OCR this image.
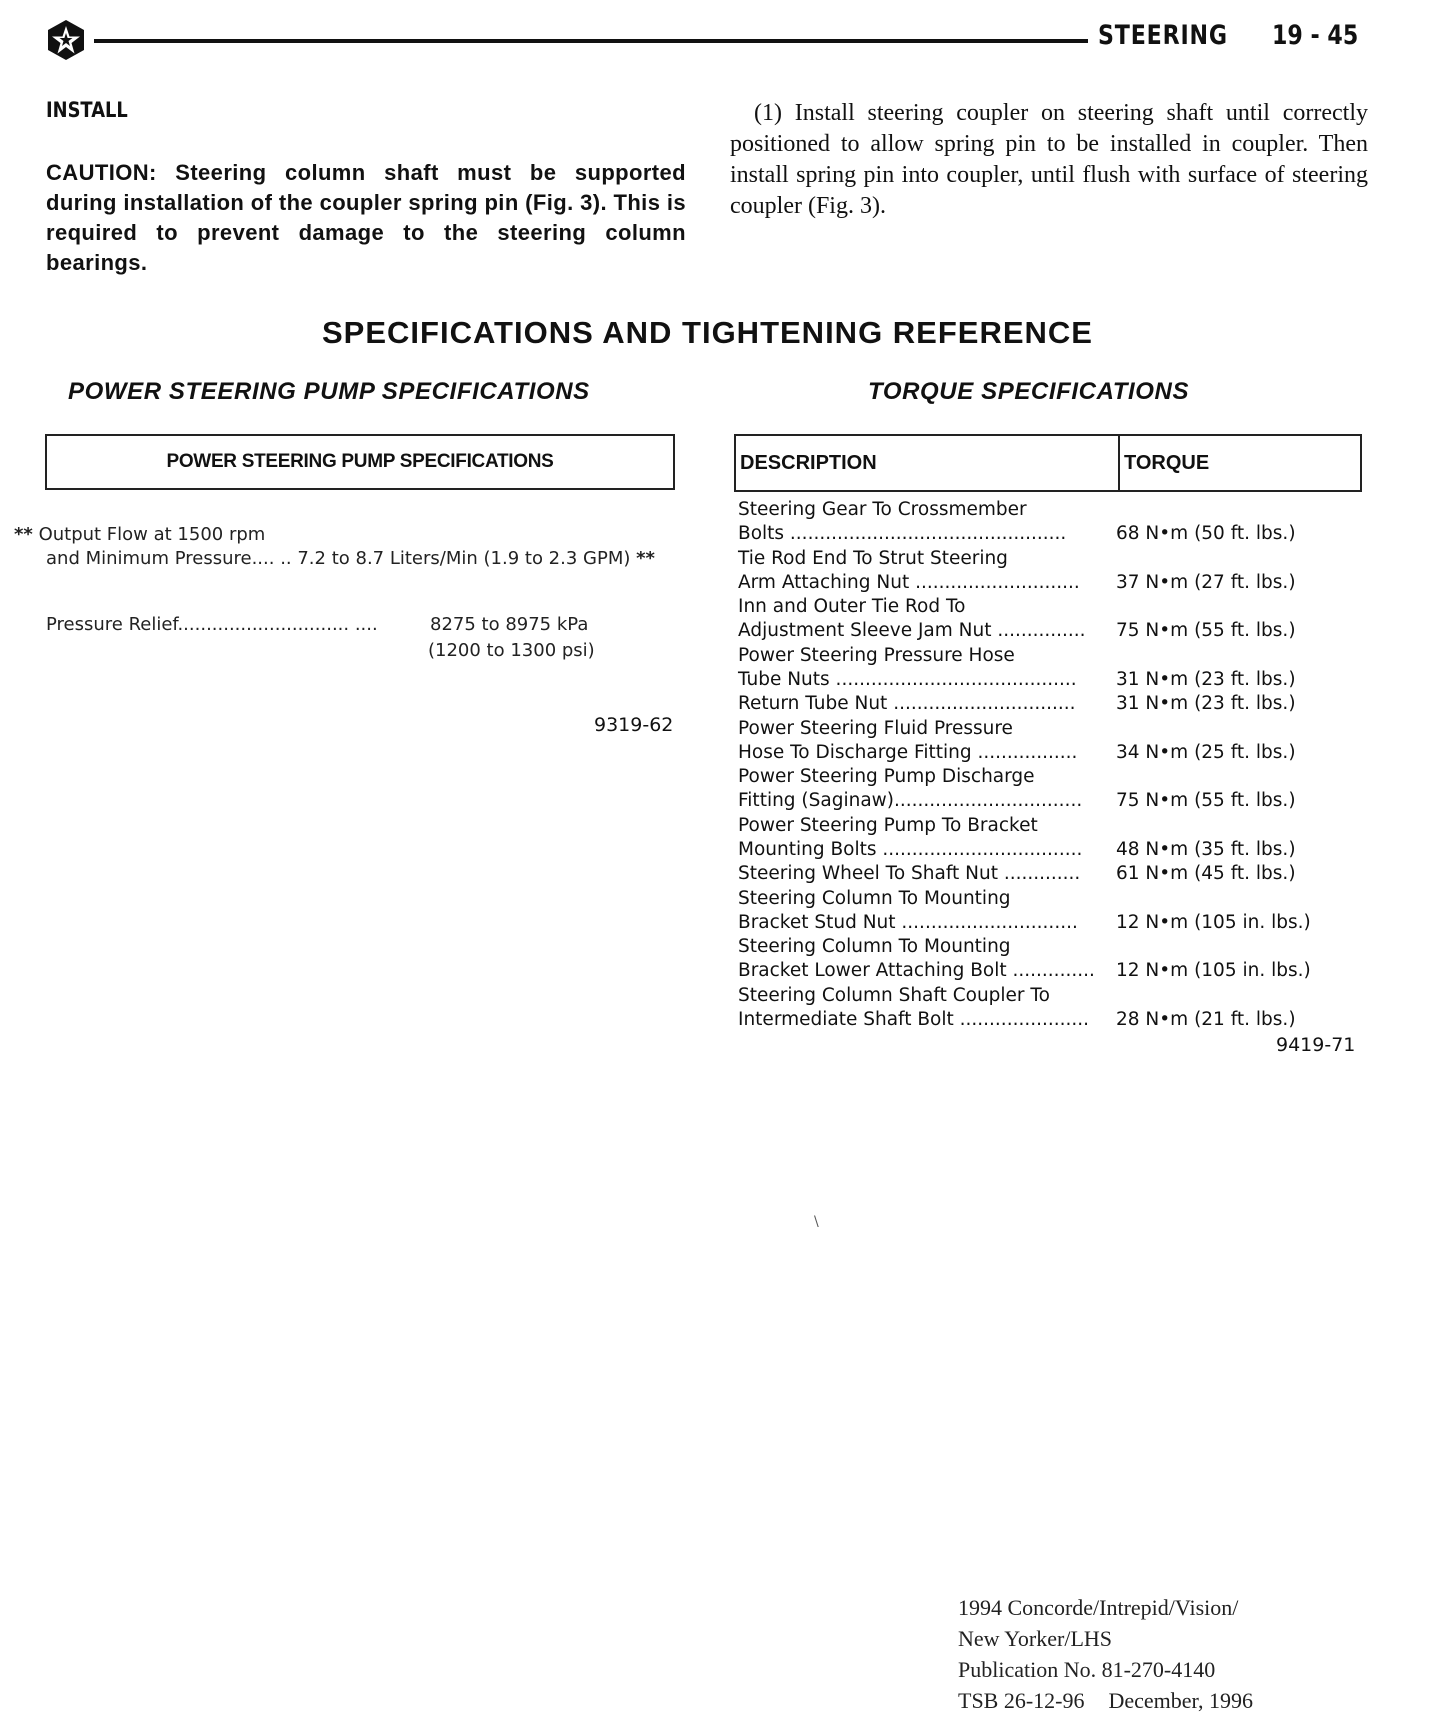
STEERING 19 - 45
INSTALL
CAUTION: Steering column shaft must be supported during installation of the coupler spring pin (Fig. 3). This is required to prevent damage to the steering column bearings.
(1) Install steering coupler on steering shaft until correctly positioned to allow spring pin to be installed in coupler. Then install spring pin into coupler, until flush with surface of steering coupler (Fig. 3).
SPECIFICATIONS AND TIGHTENING REFERENCE
POWER STEERING PUMP SPECIFICATIONS	TORQUE SPECIFICATIONS
POWER STEERING PUMP SPECIFICATIONS
** Output Flow at 1500 rpm
and Minimum Pressure.... .. 7.2 to 8.7 Liters/Min (1.9 to 2.3 GPM) **
Pressure Relief.............................. ....	8275 to 8975 kPa
(1200 to 1300 psi)
9319-62
DESCRIPTION	TORQUE
Steering Gear To Crossmember
Bolts ...............................................	68 N•m (50 ft. lbs.)
Tie Rod End To Strut Steering
Arm Attaching Nut ............................	37 N•m (27 ft. lbs.)
Inn and Outer Tie Rod To
Adjustment Sleeve Jam Nut ...............	75 N•m (55 ft. lbs.)
Power Steering Pressure Hose
Tube Nuts .........................................	31 N•m (23 ft. lbs.)
Return Tube Nut ...............................	31 N•m (23 ft. lbs.)
Power Steering Fluid Pressure
Hose To Discharge Fitting .................	34 N•m (25 ft. lbs.)
Power Steering Pump Discharge
Fitting (Saginaw)................................	75 N•m (55 ft. lbs.)
Power Steering Pump To Bracket
Mounting Bolts ..................................	48 N•m (35 ft. lbs.)
Steering Wheel To Shaft Nut .............	61 N•m (45 ft. lbs.)
Steering Column To Mounting
Bracket Stud Nut ..............................	12 N•m (105 in. lbs.)
Steering Column To Mounting
Bracket Lower Attaching Bolt ..............	12 N•m (105 in. lbs.)
Steering Column Shaft Coupler To
Intermediate Shaft Bolt ......................	28 N•m (21 ft. lbs.)
9419-71
\
1994 Concorde/Intrepid/Vision/
New Yorker/LHS
Publication No. 81-270-4140
TSB 26-12-96 December, 1996
